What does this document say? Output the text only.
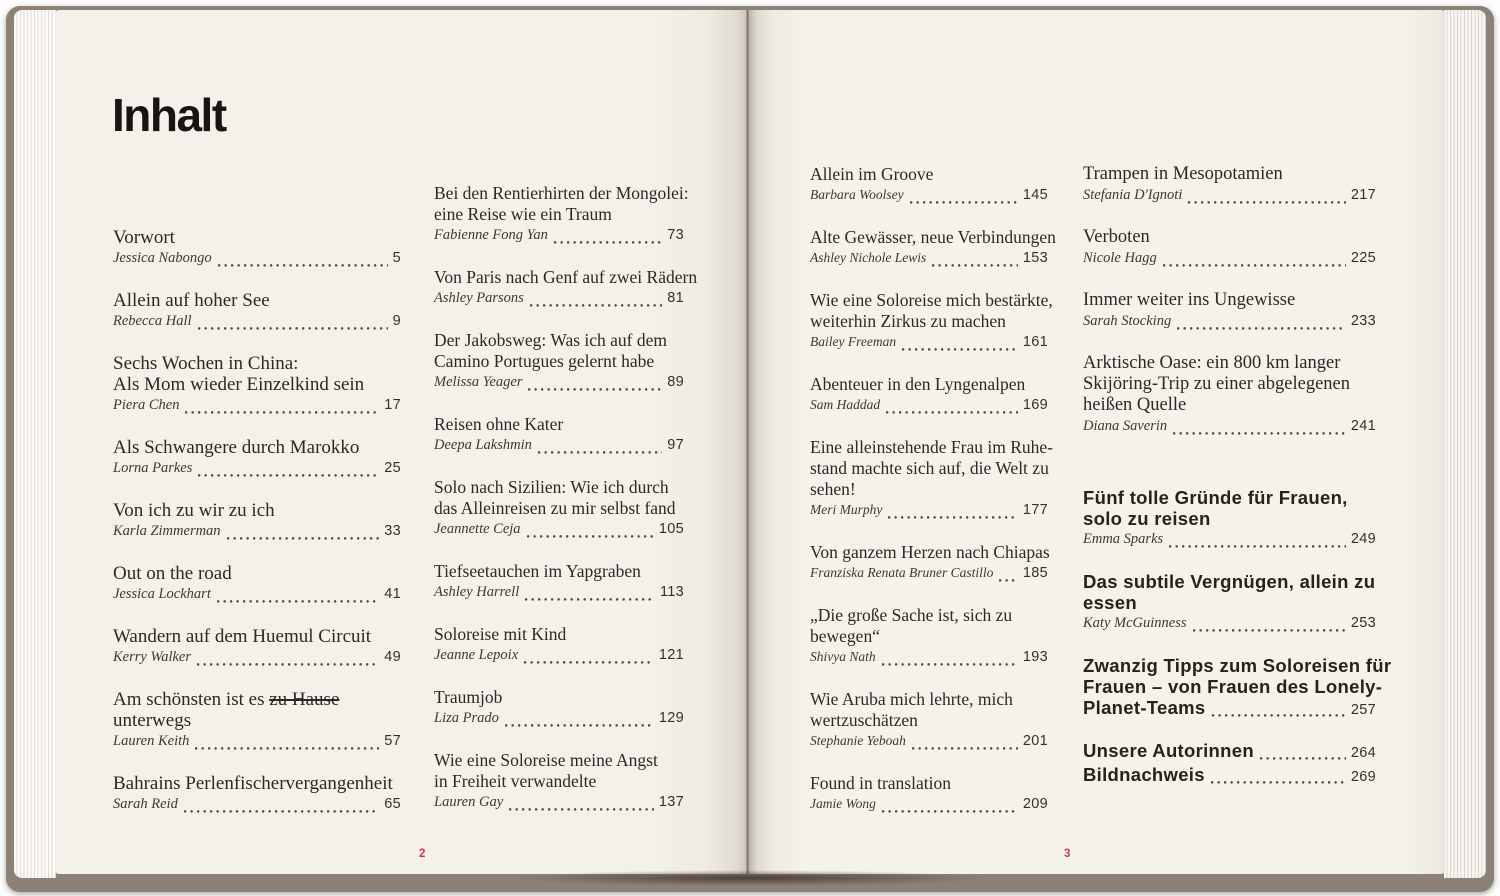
Inhalt
Vorwort
Jessica Nabongo	5
Allein auf hoher See
Rebecca Hall	9
Sechs Wochen in China:
Als Mom wieder Einzelkind sein
Piera Chen	17
Als Schwangere durch Marokko
Lorna Parkes	25
Von ich zu wir zu ich
Karla Zimmerman	33
Out on the road
Jessica Lockhart	41
Wandern auf dem Huemul Circuit
Kerry Walker	49
Am schönsten ist es zu Hause
unterwegs
Lauren Keith	57
Bahrains Perlenfischervergangenheit
Sarah Reid	65
Bei den Rentierhirten der Mongolei:
eine Reise wie ein Traum
Fabienne Fong Yan	73
Von Paris nach Genf auf zwei Rädern
Ashley Parsons	81
Der Jakobsweg: Was ich auf dem
Camino Portugues gelernt habe
Melissa Yeager	89
Reisen ohne Kater
Deepa Lakshmin	97
Solo nach Sizilien: Wie ich durch
das Alleinreisen zu mir selbst fand
Jeannette Ceja	105
Tiefseetauchen im Yapgraben
Ashley Harrell	113
Soloreise mit Kind
Jeanne Lepoix	121
Traumjob
Liza Prado	129
Wie eine Soloreise meine Angst
in Freiheit verwandelte
Lauren Gay	137
Allein im Groove
Barbara Woolsey	145
Alte Gewässer, neue Verbindungen
Ashley Nichole Lewis	153
Wie eine Soloreise mich bestärkte,
weiterhin Zirkus zu machen
Bailey Freeman	161
Abenteuer in den Lyngenalpen
Sam Haddad	169
Eine alleinstehende Frau im Ruhe-
stand machte sich auf, die Welt zu
sehen!
Meri Murphy	177
Von ganzem Herzen nach Chiapas
Franziska Renata Bruner Castillo 185
„Die große Sache ist, sich zu
bewegen“
Shivya Nath	193
Wie Aruba mich lehrte, mich
wertzuschätzen
Stephanie Yeboah	201
Found in translation
Jamie Wong	209
Trampen in Mesopotamien
Stefania D'Ignoti	217
Verboten
Nicole Hagg	225
Immer weiter ins Ungewisse
Sarah Stocking	233
Arktische Oase: ein 800 km langer
Skijöring-Trip zu einer abgelegenen
heißen Quelle
Diana Saverin	241
Fünf tolle Gründe für Frauen,
solo zu reisen
Emma Sparks	249
Das subtile Vergnügen, allein zu
essen
Katy McGuinness	253
Zwanzig Tipps zum Soloreisen für
Frauen – von Frauen des Lonely-
Planet-Teams	257
Unsere Autorinnen	264
Bildnachweis	269
2	3
